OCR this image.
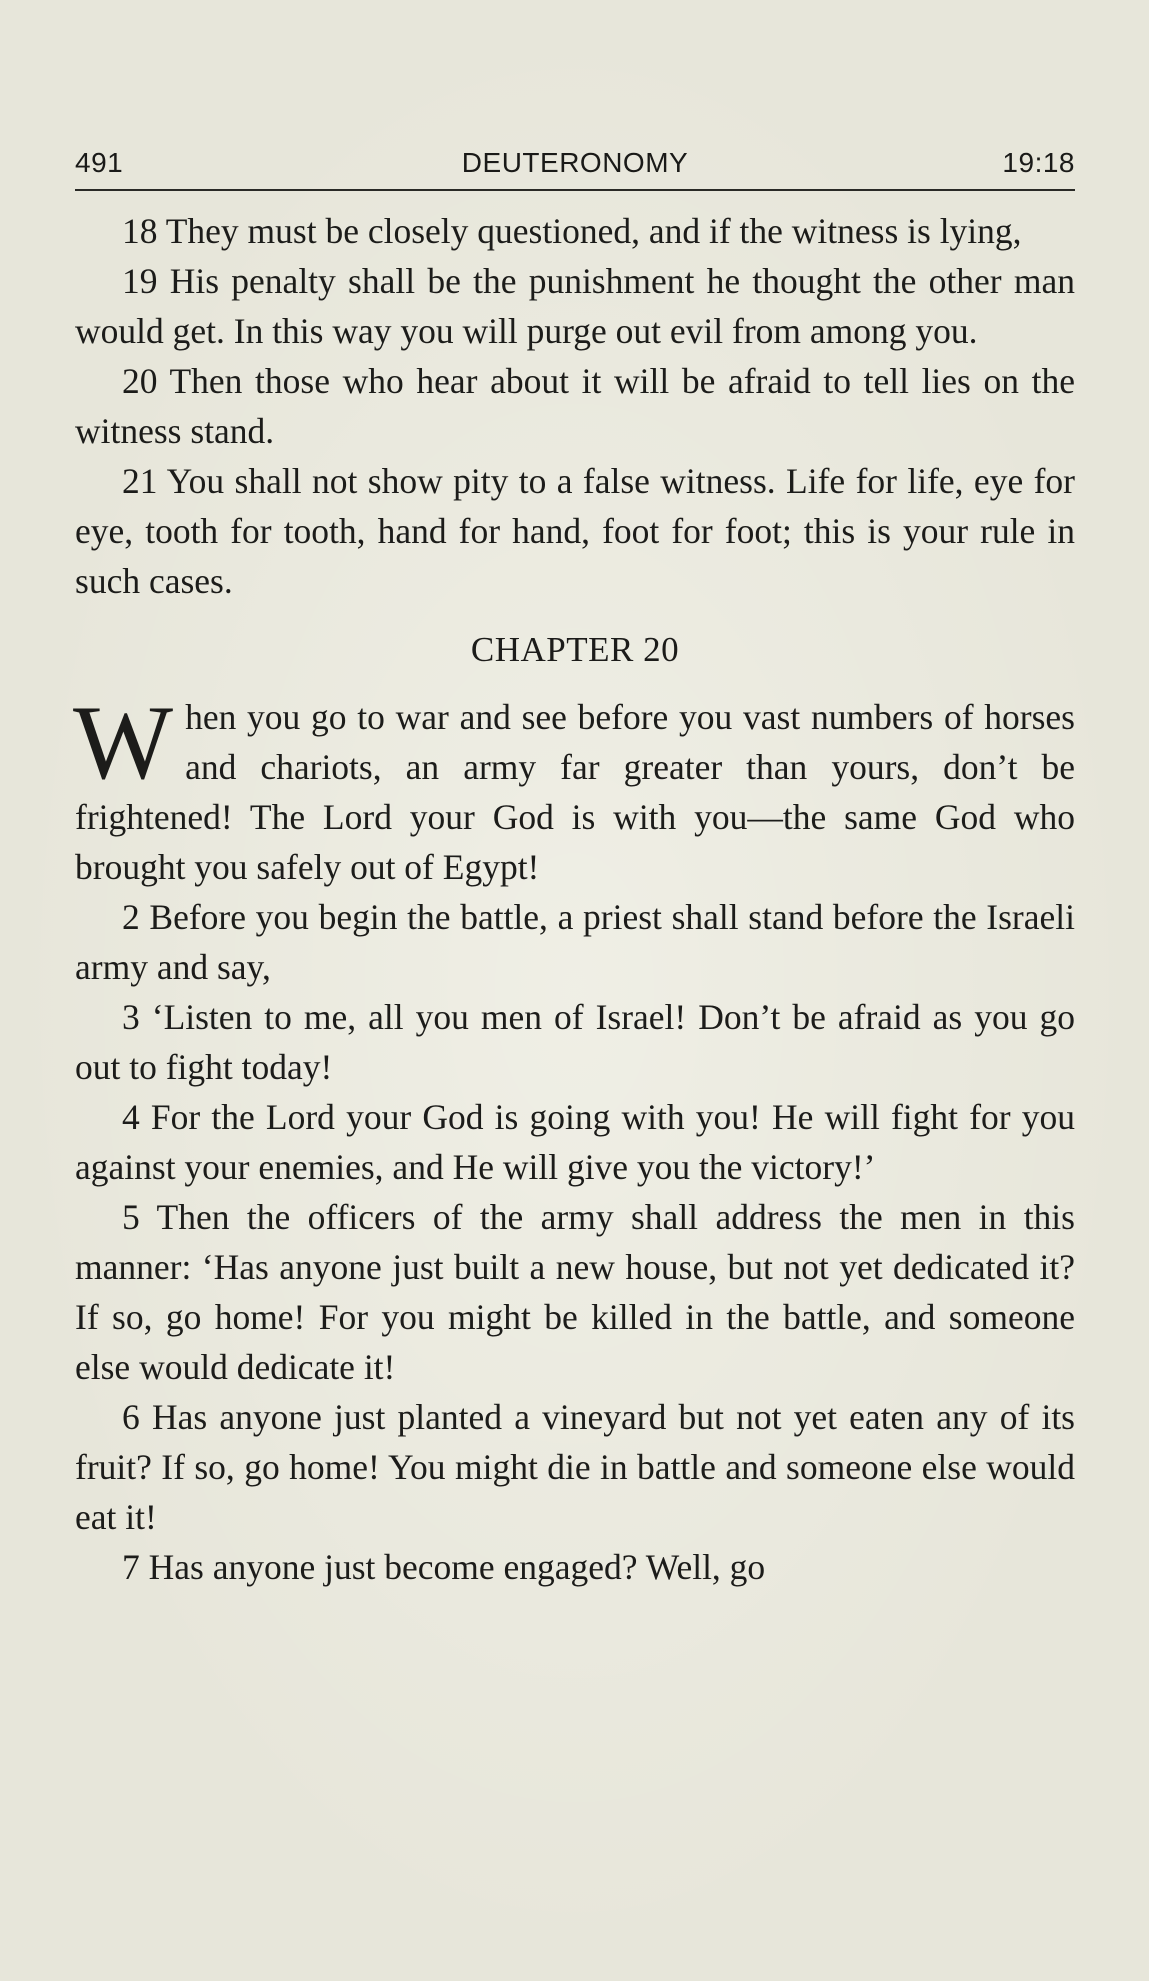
491	DEUTERONOMY	19:18

18 They must be closely questioned, and if the witness is lying,

19 His penalty shall be the punishment he thought the other man would get. In this way you will purge out evil from among you.

20 Then those who hear about it will be afraid to tell lies on the witness stand.

21 You shall not show pity to a false witness. Life for life, eye for eye, tooth for tooth, hand for hand, foot for foot; this is your rule in such cases.

CHAPTER 20

When you go to war and see before you vast numbers of horses and chariots, an army far greater than yours, don’t be frightened! The Lord your God is with you—the same God who brought you safely out of Egypt!

2 Before you begin the battle, a priest shall stand before the Israeli army and say,

3 ‘Listen to me, all you men of Israel! Don’t be afraid as you go out to fight today!

4 For the Lord your God is going with you! He will fight for you against your enemies, and He will give you the victory!’

5 Then the officers of the army shall address the men in this manner: ‘Has anyone just built a new house, but not yet dedicated it? If so, go home! For you might be killed in the battle, and someone else would dedicate it!

6 Has anyone just planted a vineyard but not yet eaten any of its fruit? If so, go home! You might die in battle and someone else would eat it!

7 Has anyone just become engaged? Well, go
